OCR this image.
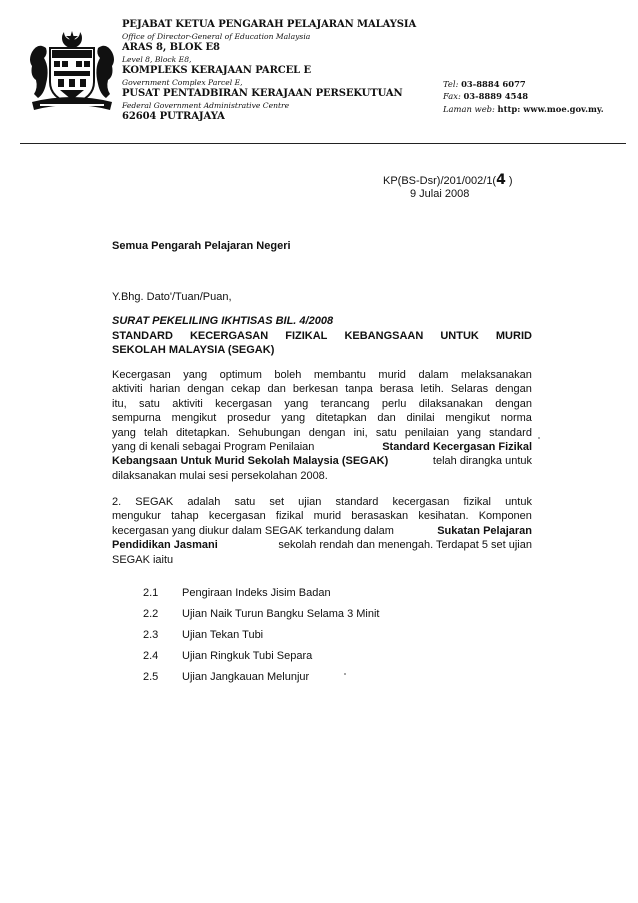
PEJABAT KETUA PENGARAH PELAJARAN MALAYSIA
Office of Director-General of Education Malaysia
ARAS 8, BLOK E8
Level 8, Block E8,
KOMPLEKS KERAJAAN PARCEL E
Government Complex Parcel E,
PUSAT PENTADBIRAN KERAJAAN PERSEKUTUAN
Federal Government Administrative Centre
62604 PUTRAJAYA
Tel: 03-8884 6077
Fax: 03-8889 4548
Laman web: http: www.moe.gov.my.
KP(BS-Dsr)/201/002/1(4 )
9 Julai 2008
Semua Pengarah Pelajaran Negeri
Y.Bhg. Dato'/Tuan/Puan,
SURAT PEKELILING IKHTISAS BIL. 4/2008
STANDARD KECERGASAN FIZIKAL KEBANGSAAN UNTUK MURID
SEKOLAH MALAYSIA (SEGAK)
Kecergasan yang optimum boleh membantu murid dalam melaksanakan
aktiviti harian dengan cekap dan berkesan tanpa berasa letih. Selaras dengan
itu, satu aktiviti kecergasan yang terancang perlu dilaksanakan dengan
sempurna mengikut prosedur yang ditetapkan dan dinilai mengikut norma
yang telah ditetapkan. Sehubungan dengan ini, satu penilaian yang standard
yang di kenali sebagai Program Penilaian	Standard Kecergasan Fizikal
Kebangsaan Untuk Murid Sekolah Malaysia (SEGAK)	telah dirangka untuk
dilaksanakan mulai sesi persekolahan 2008.
2. SEGAK adalah satu set ujian standard kecergasan fizikal untuk
mengukur tahap kecergasan fizikal murid berasaskan kesihatan. Komponen
kecergasan yang diukur dalam SEGAK terkandung dalam	Sukatan Pelajaran
Pendidikan Jasmani	sekolah rendah dan menengah. Terdapat 5 set ujian
SEGAK iaitu
2.1	Pengiraan Indeks Jisim Badan
2.2	Ujian Naik Turun Bangku Selama 3 Minit
2.3	Ujian Tekan Tubi
2.4	Ujian Ringkuk Tubi Separa
2.5	Ujian Jangkauan Melunjur
